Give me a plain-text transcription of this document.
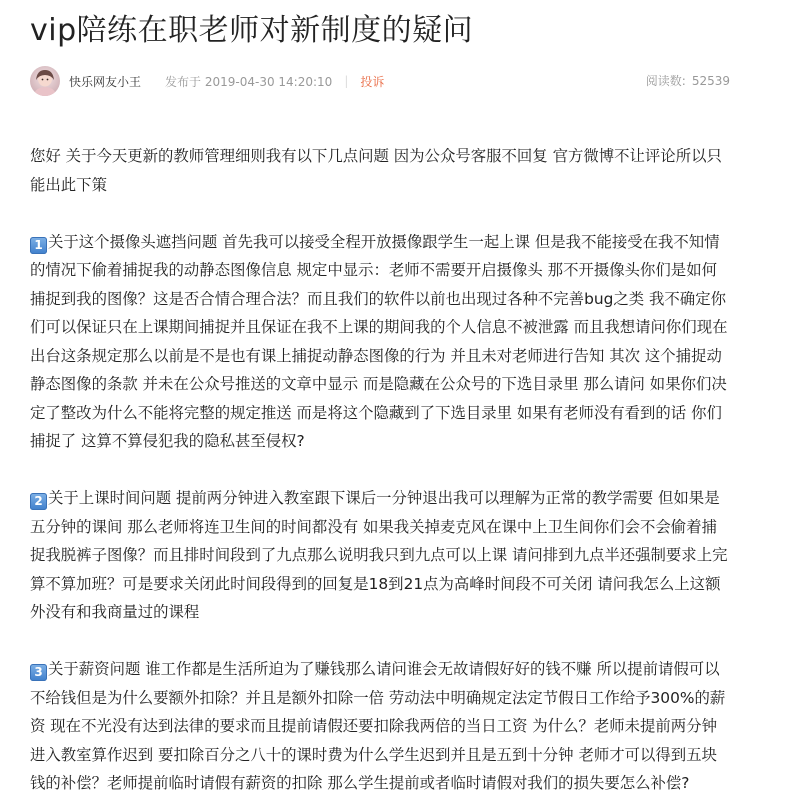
vip陪练在职老师对新制度的疑问
快乐网友小王 发布于 2019-04-30 14:20:10 | 投诉	阅读数: 52539

您好 关于今天更新的教师管理细则我有以下几点问题 因为公众号客服不回复 官方微博不让评论所以只能出此下策

1 关于这个摄像头遮挡问题 首先我可以接受全程开放摄像跟学生一起上课 但是我不能接受在我不知情的情况下偷着捕捉我的动静态图像信息 规定中显示：老师不需要开启摄像头 那不开摄像头你们是如何捕捉到我的图像？这是否合情合理合法？而且我们的软件以前也出现过各种不完善bug之类 我不确定你们可以保证只在上课期间捕捉并且保证在我不上课的期间我的个人信息不被泄露 而且我想请问你们现在出台这条规定那么以前是不是也有课上捕捉动静态图像的行为 并且未对老师进行告知 其次 这个捕捉动静态图像的条款 并未在公众号推送的文章中显示 而是隐藏在公众号的下选目录里 那么请问 如果你们决定了整改为什么不能将完整的规定推送 而是将这个隐藏到了下选目录里 如果有老师没有看到的话 你们捕捉了 这算不算侵犯我的隐私甚至侵权?

2 关于上课时间问题 提前两分钟进入教室跟下课后一分钟退出我可以理解为正常的教学需要 但如果是五分钟的课间 那么老师将连卫生间的时间都没有 如果我关掉麦克风在课中上卫生间你们会不会偷着捕捉我脱裤子图像？而且排时间段到了九点那么说明我只到九点可以上课 请问排到九点半还强制要求上完算不算加班？可是要求关闭此时间段得到的回复是18到21点为高峰时间段不可关闭 请问我怎么上这额外没有和我商量过的课程

3 关于薪资问题 谁工作都是生活所迫为了赚钱那么请问谁会无故请假好好的钱不赚 所以提前请假可以不给钱但是为什么要额外扣除？并且是额外扣除一倍 劳动法中明确规定法定节假日工作给予300%的薪资 现在不光没有达到法律的要求而且提前请假还要扣除我两倍的当日工资 为什么？老师未提前两分钟进入教室算作迟到 要扣除百分之八十的课时费为什么学生迟到并且是五到十分钟 老师才可以得到五块钱的补偿？老师提前临时请假有薪资的扣除 那么学生提前或者临时请假对我们的损失要怎么补偿?
